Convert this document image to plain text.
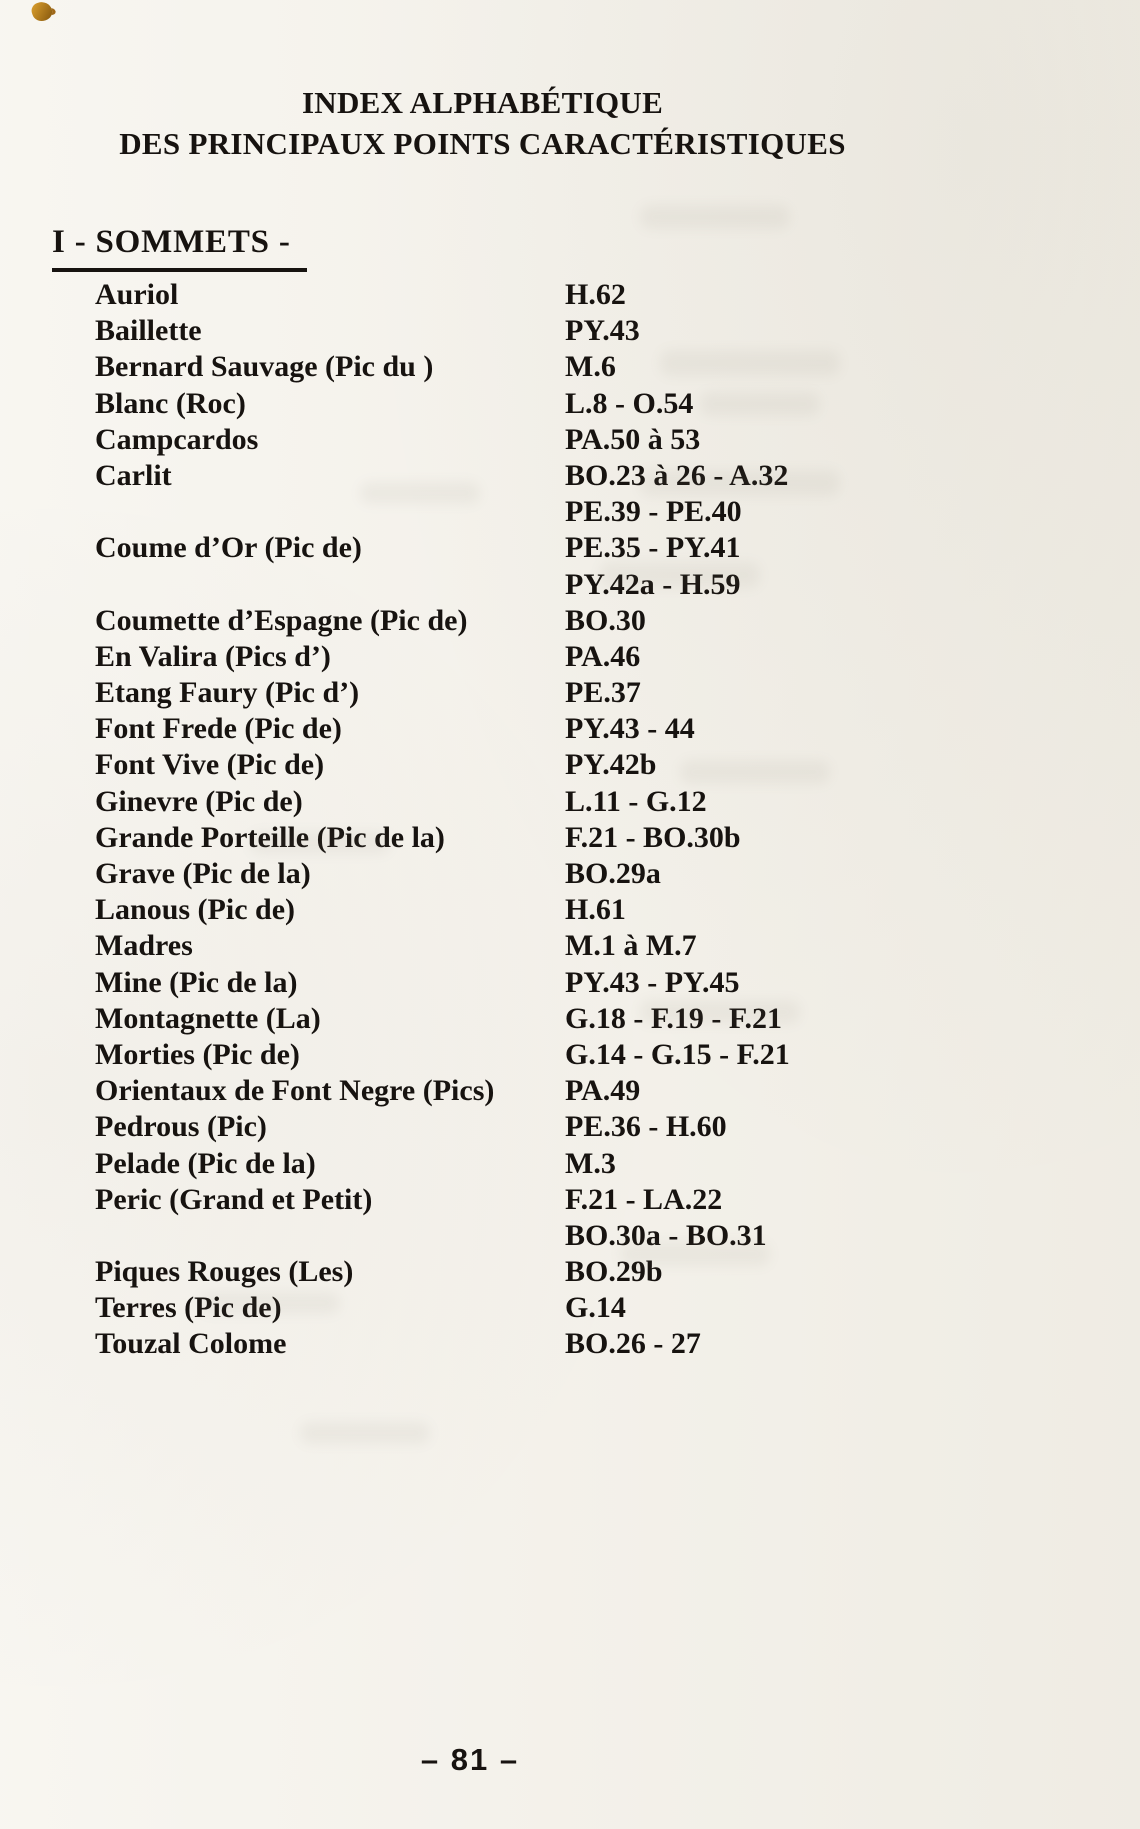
INDEX ALPHABÉTIQUE
DES PRINCIPAUX POINTS CARACTÉRISTIQUES
I - SOMMETS -
Auriol	H.62
Baillette	PY.43
Bernard Sauvage (Pic du )	M.6
Blanc (Roc)	L.8 - O.54
Campcardos	PA.50 à 53
Carlit	BO.23 à 26 - A.32
PE.39 - PE.40
Coume d’Or (Pic de)	PE.35 - PY.41
PY.42a - H.59
Coumette d’Espagne (Pic de)	BO.30
En Valira (Pics d’)	PA.46
Etang Faury (Pic d’)	PE.37
Font Frede (Pic de)	PY.43 - 44
Font Vive (Pic de)	PY.42b
Ginevre (Pic de)	L.11 - G.12
Grande Porteille (Pic de la)	F.21 - BO.30b
Grave (Pic de la)	BO.29a
Lanous (Pic de)	H.61
Madres	M.1 à M.7
Mine (Pic de la)	PY.43 - PY.45
Montagnette (La)	G.18 - F.19 - F.21
Morties (Pic de)	G.14 - G.15 - F.21
Orientaux de Font Negre (Pics)	PA.49
Pedrous (Pic)	PE.36 - H.60
Pelade (Pic de la)	M.3
Peric (Grand et Petit)	F.21 - LA.22
BO.30a - BO.31
Piques Rouges (Les)	BO.29b
Terres (Pic de)	G.14
Touzal Colome	BO.26 - 27
– 81 –
